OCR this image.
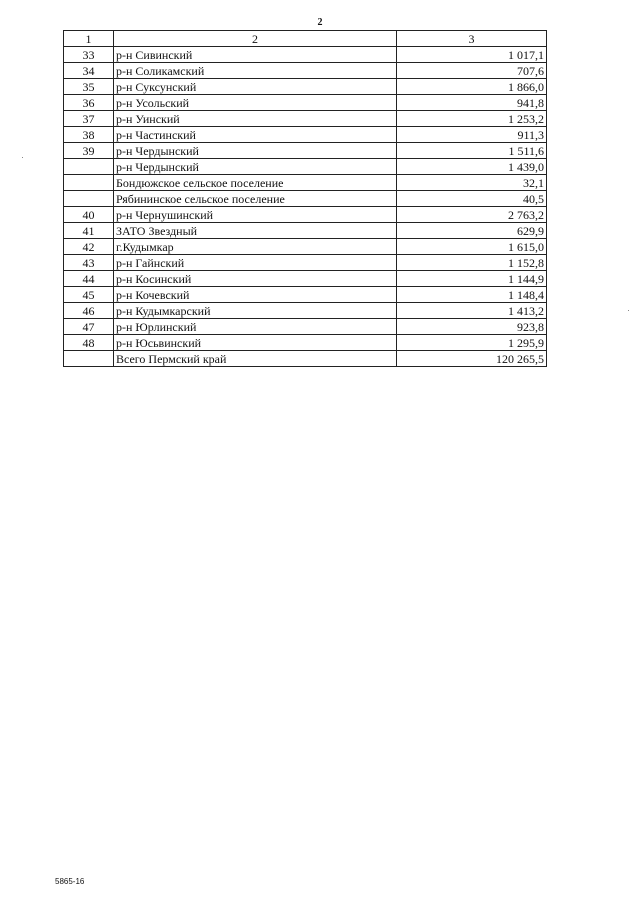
2
1	2	3
33	р-н Сивинский	1 017,1
34	р-н Соликамский	707,6
35	р-н Суксунский	1 866,0
36	р-н Усольский	941,8
37	р-н Уинский	1 253,2
38	р-н Частинский	911,3
39	р-н Чердынский	1 511,6
	р-н Чердынский	1 439,0
	Бондюжское сельское поселение	32,1
	Рябининское сельское поселение	40,5
40	р-н Чернушинский	2 763,2
41	ЗАТО Звездный	629,9
42	г.Кудымкар	1 615,0
43	р-н Гайнский	1 152,8
44	р-н Косинский	1 144,9
45	р-н Кочевский	1 148,4
46	р-н Кудымкарский	1 413,2
47	р-н Юрлинский	923,8
48	р-н Юсьвинский	1 295,9
	Всего Пермский край	120 265,5
5865-16
